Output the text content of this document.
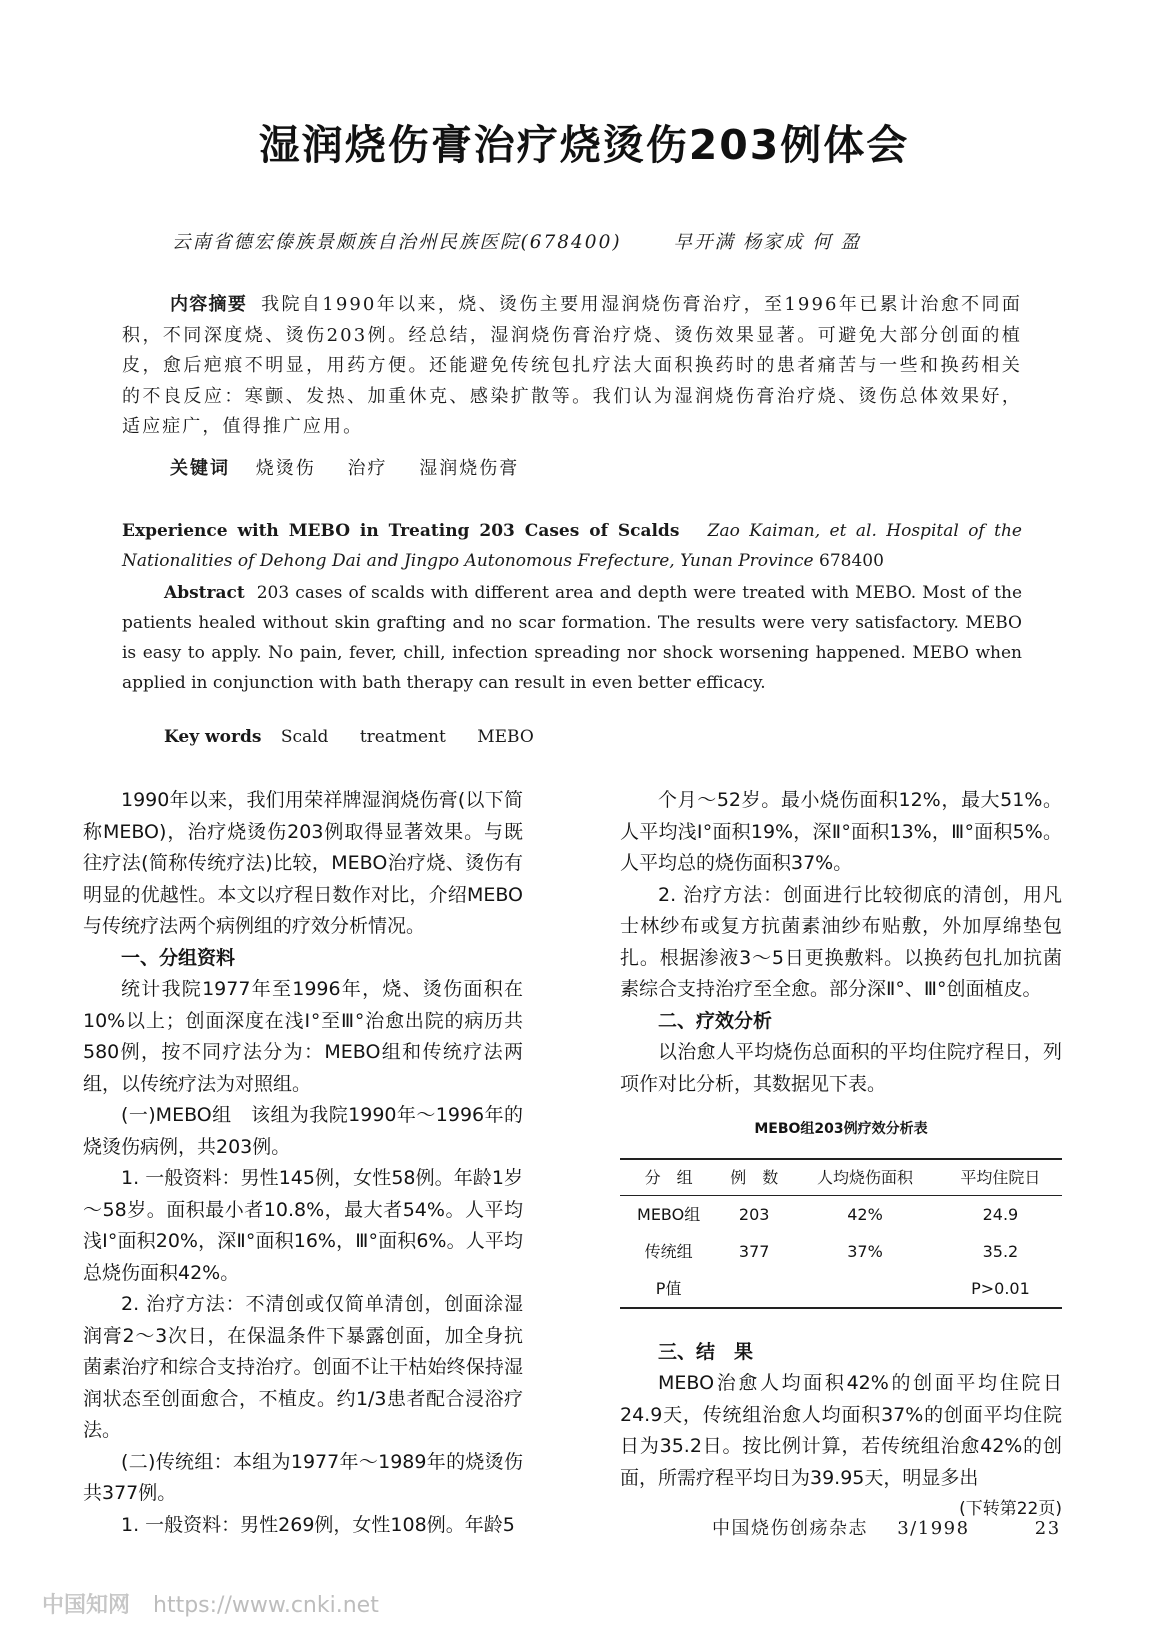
湿润烧伤膏治疗烧烫伤203例体会
云南省德宏傣族景颇族自治州民族医院(678400)	早开满 杨家成 何 盈
内容摘要 我院自1990年以来，烧、烫伤主要用湿润烧伤膏治疗，至1996年已累计治愈不同面积，不同深度烧、烫伤203例。经总结，湿润烧伤膏治疗烧、烫伤效果显著。可避免大部分创面的植皮，愈后疤痕不明显，用药方便。还能避免传统包扎疗法大面积换药时的患者痛苦与一些和换药相关的不良反应：寒颤、发热、加重休克、感染扩散等。我们认为湿润烧伤膏治疗烧、烫伤总体效果好，适应症广，值得推广应用。
关键词 烧烫伤 治疗 湿润烧伤膏
Experience with MEBO in Treating 203 Cases of Scalds Zao Kaiman, et al. Hospital of the Nationalities of Dehong Dai and Jingpo Autonomous Frefecture, Yunan Province 678400
Abstract 203 cases of scalds with different area and depth were treated with MEBO. Most of the patients healed without skin grafting and no scar formation. The results were very satisfactory. MEBO is easy to apply. No pain, fever, chill, infection spreading nor shock worsening happened. MEBO when applied in conjunction with bath therapy can result in even better efficacy.
Key words Scald treatment MEBO

1990年以来，我们用荣祥牌湿润烧伤膏(以下简称MEBO)，治疗烧烫伤203例取得显著效果。与既往疗法(简称传统疗法)比较，MEBO治疗烧、烫伤有明显的优越性。本文以疗程日数作对比，介绍MEBO与传统疗法两个病例组的疗效分析情况。

一、分组资料

统计我院1977年至1996年，烧、烫伤面积在10%以上；创面深度在浅Ⅰ°至Ⅲ°治愈出院的病历共580例，按不同疗法分为：MEBO组和传统疗法两组，以传统疗法为对照组。

(一)MEBO组　该组为我院1990年～1996年的烧烫伤病例，共203例。

1. 一般资料：男性145例，女性58例。年龄1岁～58岁。面积最小者10.8%，最大者54%。人平均浅Ⅰ°面积20%，深Ⅱ°面积16%，Ⅲ°面积6%。人平均总烧伤面积42%。

2. 治疗方法：不清创或仅简单清创，创面涂湿润膏2～3次日，在保温条件下暴露创面，加全身抗菌素治疗和综合支持治疗。创面不让干枯始终保持湿润状态至创面愈合，不植皮。约1/3患者配合浸浴疗法。

(二)传统组：本组为1977年～1989年的烧烫伤共377例。

1. 一般资料：男性269例，女性108例。年龄5

个月～52岁。最小烧伤面积12%，最大51%。人平均浅Ⅰ°面积19%，深Ⅱ°面积13%，Ⅲ°面积5%。人平均总的烧伤面积37%。

2. 治疗方法：创面进行比较彻底的清创，用凡士林纱布或复方抗菌素油纱布贴敷，外加厚绵垫包扎。根据渗液3～5日更换敷料。以换药包扎加抗菌素综合支持治疗至全愈。部分深Ⅱ°、Ⅲ°创面植皮。

二、疗效分析

以治愈人平均烧伤总面积的平均住院疗程日，列项作对比分析，其数据见下表。

MEBO组203例疗效分析表
分　组	例　数	人均烧伤面积	平均住院日
MEBO组	203	42%	24.9
传统组	377	37%	35.2
P值			P>0.01

三、结　果

MEBO治愈人均面积42%的创面平均住院日24.9天，传统组治愈人均面积37%的创面平均住院日为35.2日。按比例计算，若传统组治愈42%的创面，所需疗程平均日为39.95天，明显多出

(下转第22页)

中国烧伤创疡杂志 3/1998	23
中国知网 https://www.cnki.net
